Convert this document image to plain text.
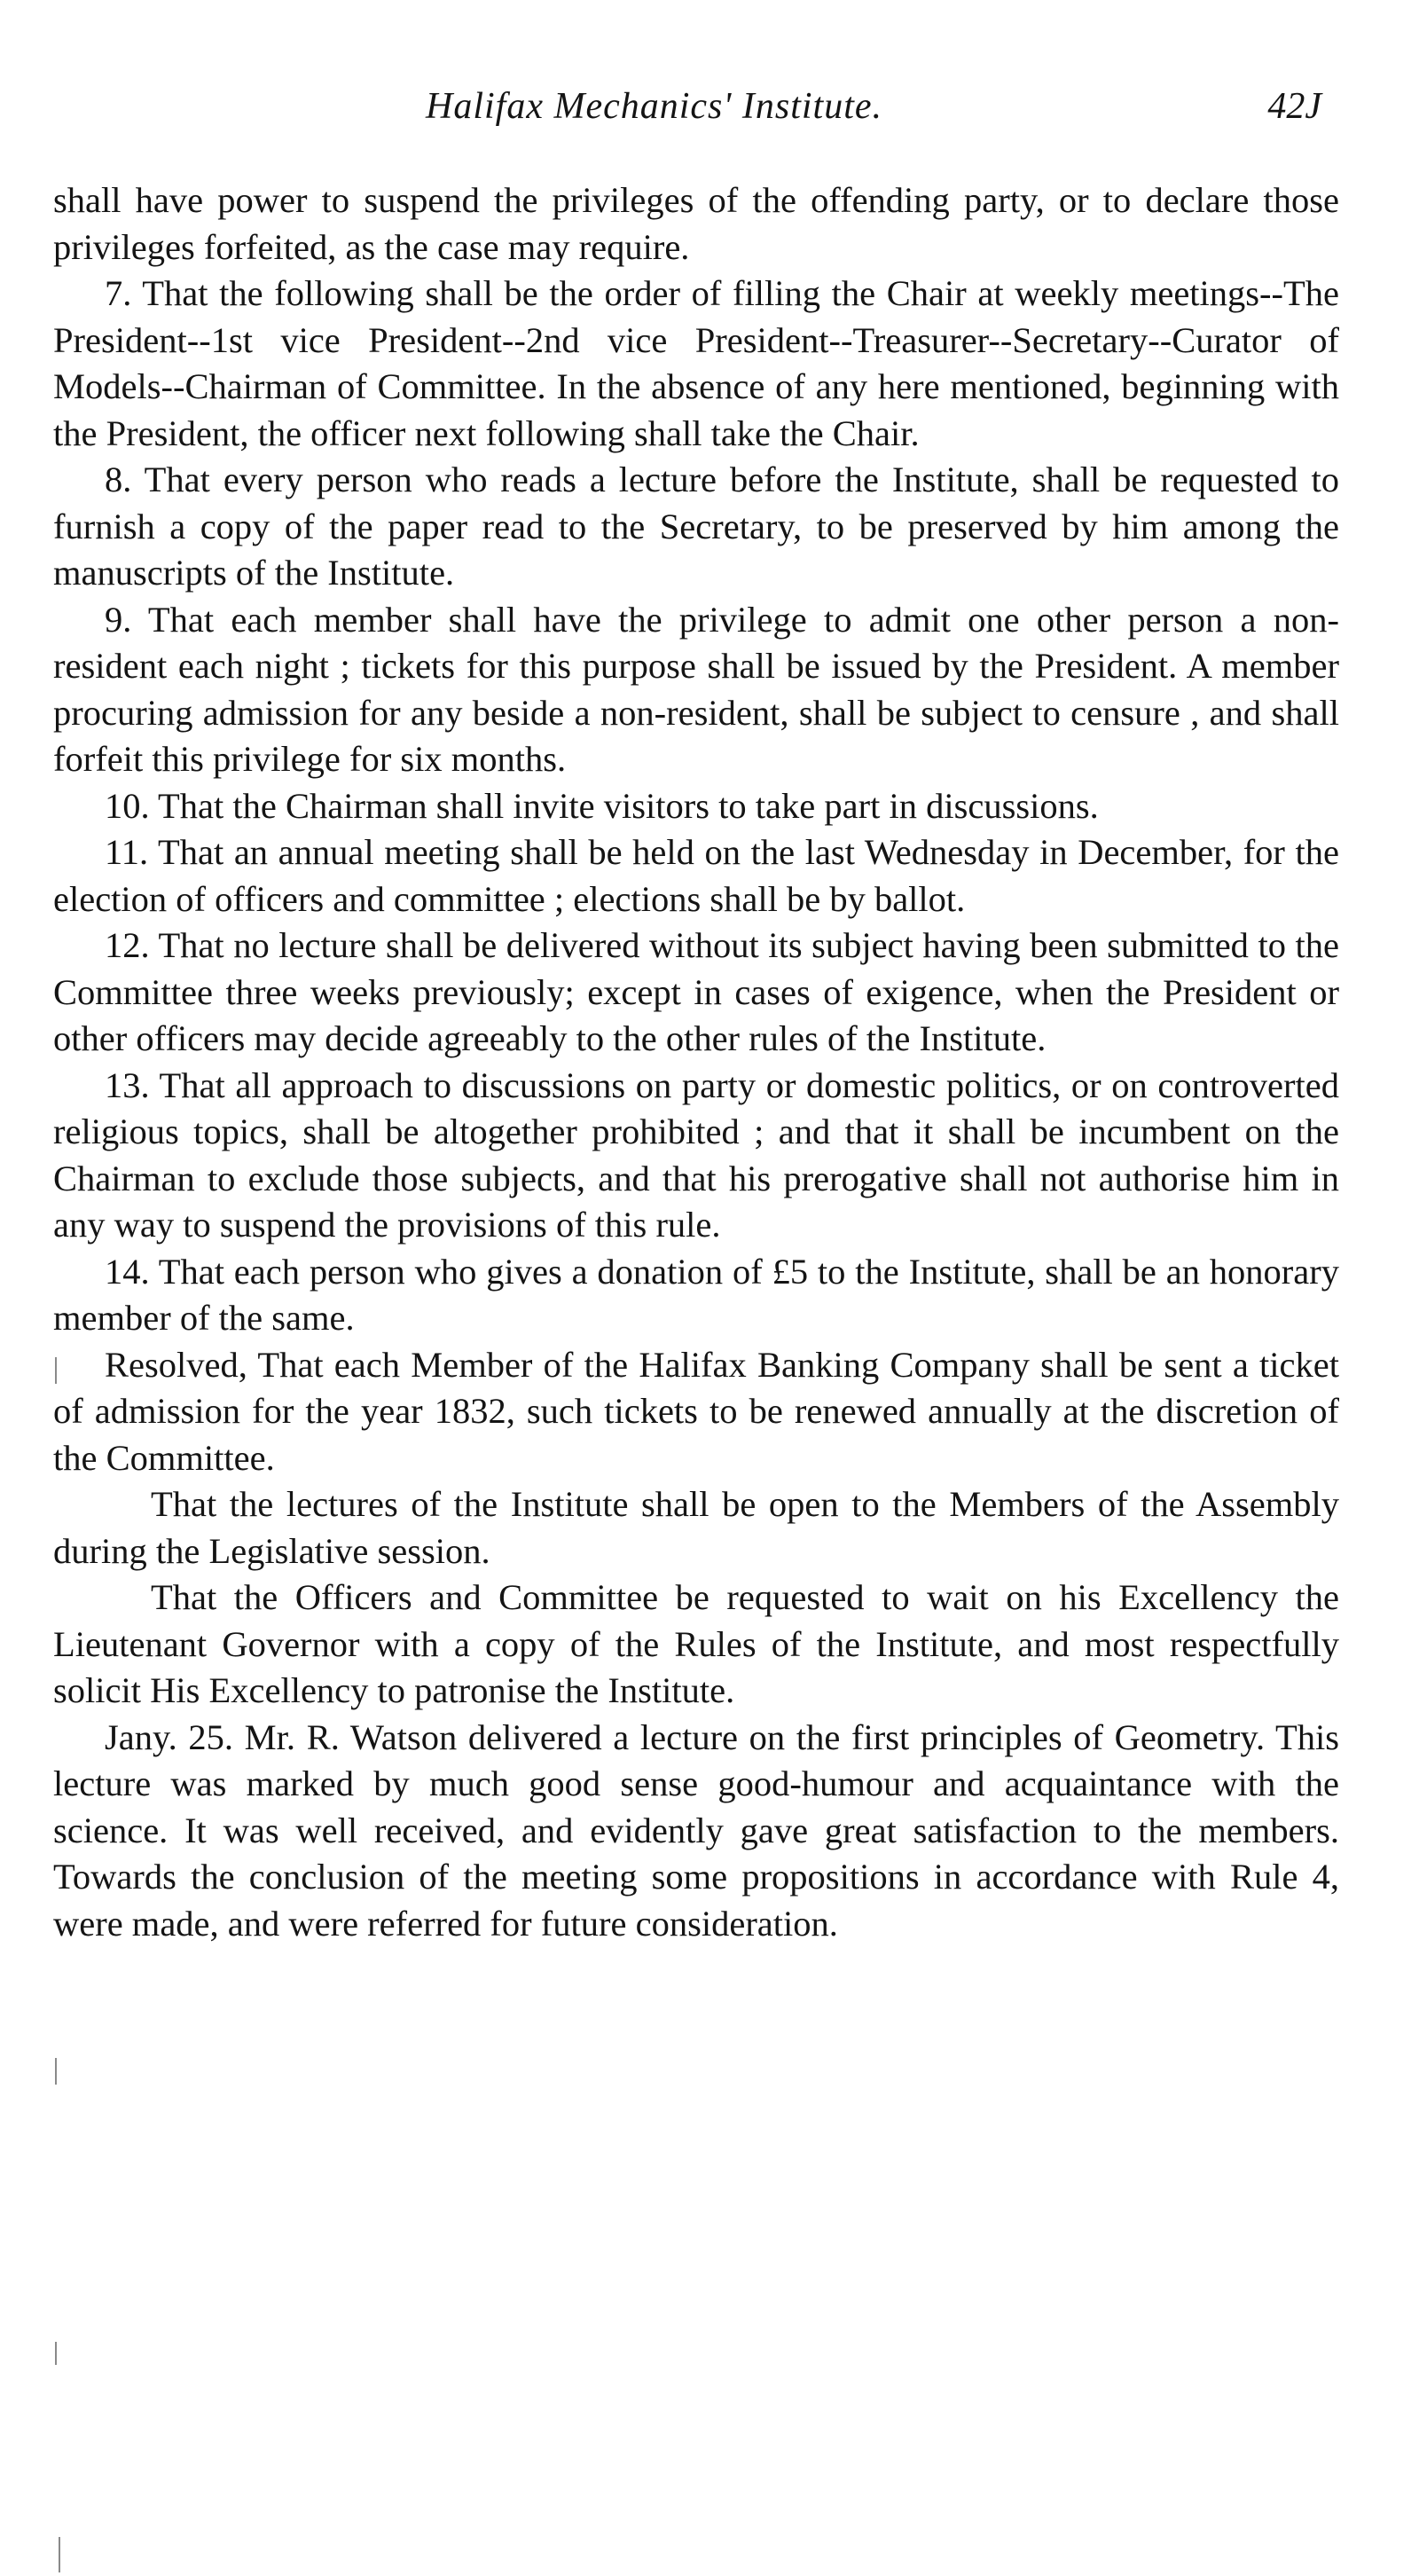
Halifax Mechanics' Institute.	42J

shall have power to suspend the privileges of the offending party, or to declare those privileges forfeited, as the case may require.

7. That the following shall be the order of filling the Chair at weekly meetings--The President--1st vice President--2nd vice President--Treasurer--Secretary--Curator of Models--Chairman of Committee. In the absence of any here mentioned, beginning with the President, the officer next following shall take the Chair.

8. That every person who reads a lecture before the Institute, shall be requested to furnish a copy of the paper read to the Secretary, to be preserved by him among the manuscripts of the Institute.

9. That each member shall have the privilege to admit one other person a non-resident each night ; tickets for this purpose shall be issued by the President. A member procuring admission for any beside a non-resident, shall be subject to censure , and shall forfeit this privilege for six months.

10. That the Chairman shall invite visitors to take part in discussions.

11. That an annual meeting shall be held on the last Wednesday in December, for the election of officers and committee ; elections shall be by ballot.

12. That no lecture shall be delivered without its subject having been submitted to the Committee three weeks previously; except in cases of exigence, when the President or other officers may decide agreeably to the other rules of the Institute.

13. That all approach to discussions on party or domestic politics, or on controverted religious topics, shall be altogether prohibited ; and that it shall be incumbent on the Chairman to exclude those subjects, and that his prerogative shall not authorise him in any way to suspend the provisions of this rule.

14. That each person who gives a donation of £5 to the Institute, shall be an honorary member of the same.

Resolved, That each Member of the Halifax Banking Company shall be sent a ticket of admission for the year 1832, such tickets to be renewed annually at the discretion of the Committee.

That the lectures of the Institute shall be open to the Members of the Assembly during the Legislative session.

That the Officers and Committee be requested to wait on his Excellency the Lieutenant Governor with a copy of the Rules of the Institute, and most respectfully solicit His Excellency to patronise the Institute.

Jany. 25. Mr. R. Watson delivered a lecture on the first principles of Geometry. This lecture was marked by much good sense good-humour and acquaintance with the science. It was well received, and evidently gave great satisfaction to the members. Towards the conclusion of the meeting some propositions in accordance with Rule 4, were made, and were referred for future consideration.
